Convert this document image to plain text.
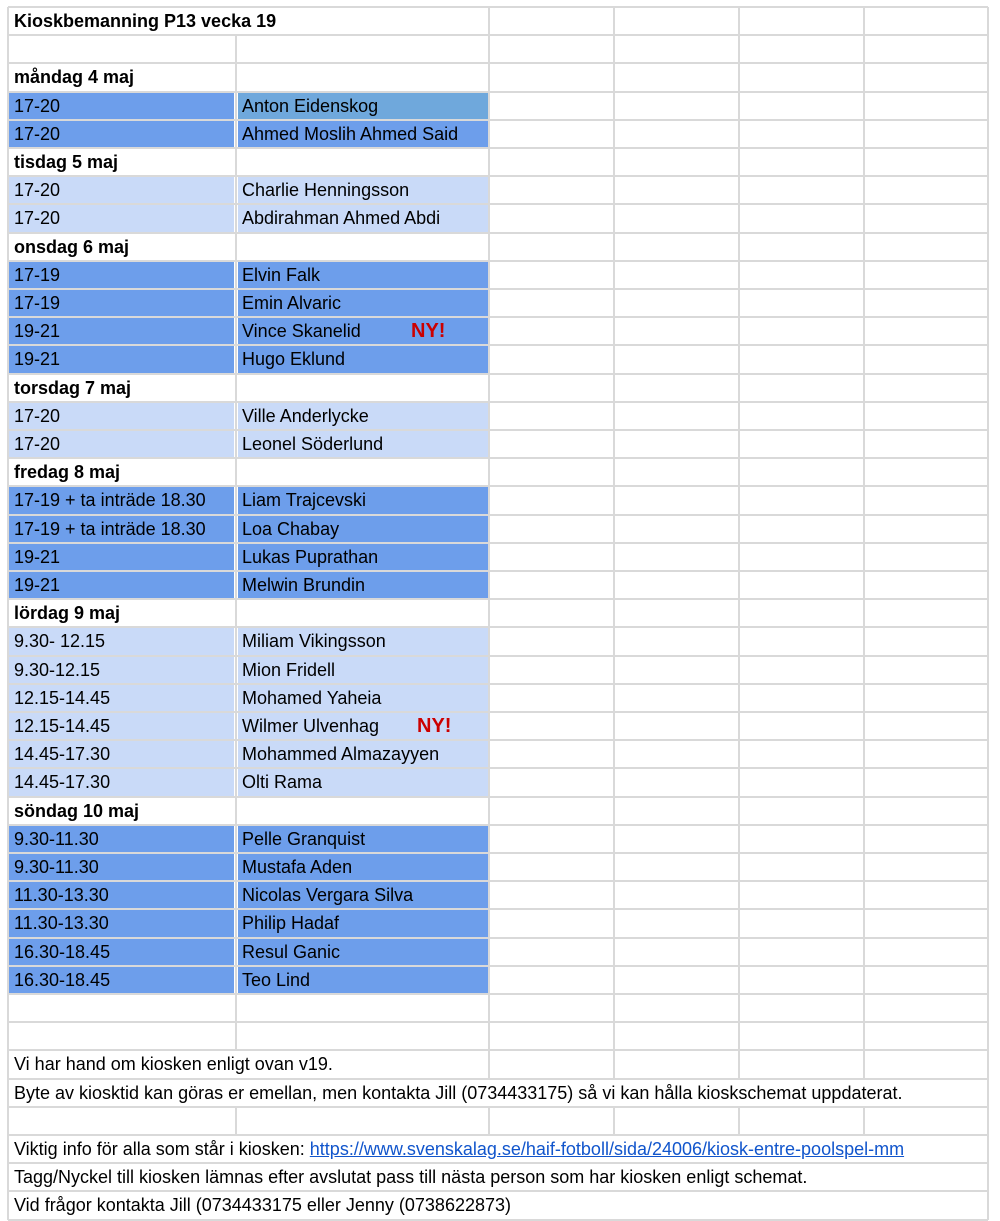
Kioskbemanning P13 vecka 19
måndag 4 maj
17-20	Anton Eidenskog
17-20	Ahmed Moslih Ahmed Said
tisdag 5 maj
17-20	Charlie Henningsson
17-20	Abdirahman Ahmed Abdi
onsdag 6 maj
17-19	Elvin Falk
17-19	Emin Alvaric
19-21	Vince Skanelid	NY!
19-21	Hugo Eklund
torsdag 7 maj
17-20	Ville Anderlycke
17-20	Leonel Söderlund
fredag 8 maj
17-19 + ta inträde 18.30	Liam Trajcevski
17-19 + ta inträde 18.30	Loa Chabay
19-21	Lukas Puprathan
19-21	Melwin Brundin
lördag 9 maj
9.30- 12.15	Miliam Vikingsson
9.30-12.15	Mion Fridell
12.15-14.45	Mohamed Yaheia
12.15-14.45	Wilmer Ulvenhag NY!
14.45-17.30	Mohammed Almazayyen
14.45-17.30	Olti Rama
söndag 10 maj
9.30-11.30	Pelle Granquist
9.30-11.30	Mustafa Aden
11.30-13.30	Nicolas Vergara Silva
11.30-13.30	Philip Hadaf
16.30-18.45	Resul Ganic
16.30-18.45	Teo Lind
Vi har hand om kiosken enligt ovan v19.
Byte av kiosktid kan göras er emellan, men kontakta Jill (0734433175) så vi kan hålla kioskschemat uppdaterat.
Viktig info för alla som står i kiosken: https://www.svenskalag.se/haif-fotboll/sida/24006/kiosk-entre-poolspel-mm
Tagg/Nyckel till kiosken lämnas efter avslutat pass till nästa person som har kiosken enligt schemat.
Vid frågor kontakta Jill (0734433175 eller Jenny (0738622873)
